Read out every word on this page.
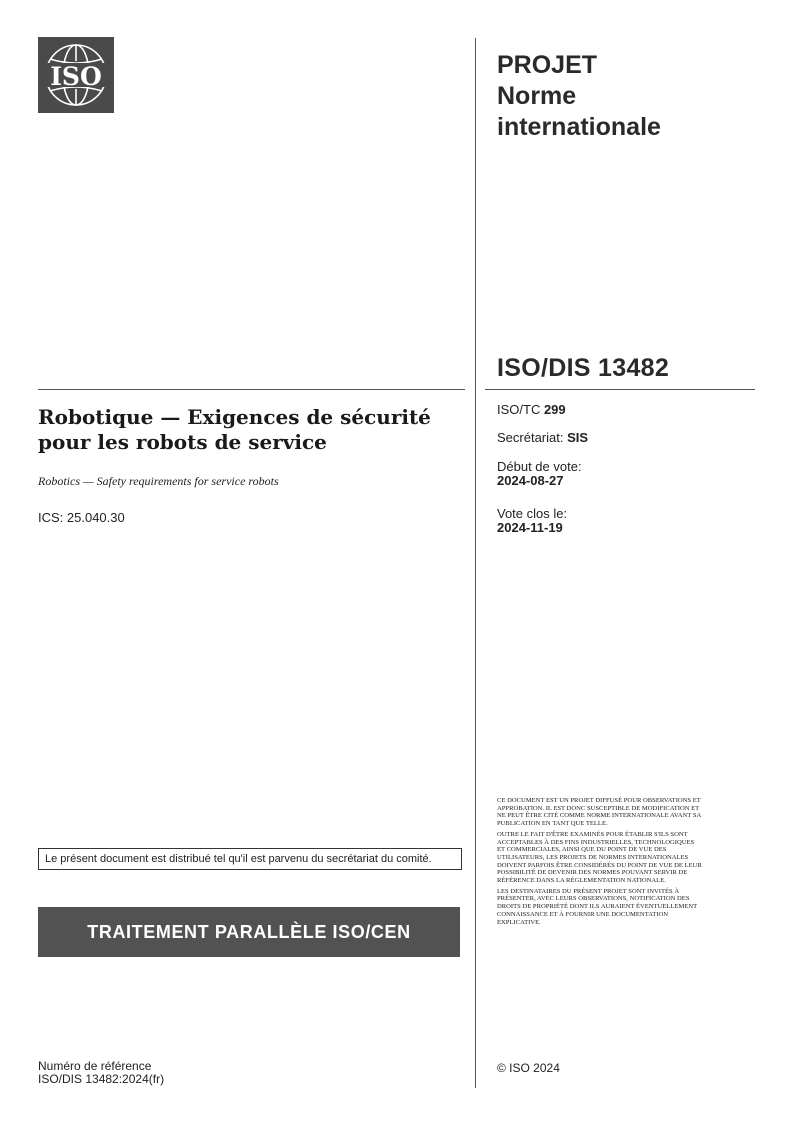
ISO	PROJET
Norme
internationale
ISO/DIS 13482
Robotique — Exigences de sécurité
pour les robots de service
Robotics — Safety requirements for service robots
ICS: 25.040.30
ISO/TC 299
Secrétariat: SIS
Début de vote:
2024-08-27
Vote clos le:
2024-11-19
Le présent document est distribué tel qu'il est parvenu du secrétariat du comité.
TRAITEMENT PARALLÈLE ISO/CEN
Numéro de référence
ISO/DIS 13482:2024(fr)

CE DOCUMENT EST UN PROJET DIFFUSÉ POUR OBSERVATIONS ET APPROBATION. IL EST DONC SUSCEPTIBLE DE MODIFICATION ET NE PEUT ÊTRE CITÉ COMME NORME INTERNATIONALE AVANT SA PUBLICATION EN TANT QUE TELLE.

OUTRE LE FAIT D'ÊTRE EXAMINÉS POUR ÉTABLIR S'ILS SONT ACCEPTABLES À DES FINS INDUSTRIELLES, TECHNOLOGIQUES ET COMMERCIALES, AINSI QUE DU POINT DE VUE DES UTILISATEURS, LES PROJETS DE NORMES INTERNATIONALES DOIVENT PARFOIS ÊTRE CONSIDÉRÉS DU POINT DE VUE DE LEUR POSSIBILITÉ DE DEVENIR DES NORMES POUVANT SERVIR DE RÉFÉRENCE DANS LA RÉGLEMENTATION NATIONALE.

LES DESTINATAIRES DU PRÉSENT PROJET SONT INVITÉS À PRÉSENTER, AVEC LEURS OBSERVATIONS, NOTIFICATION DES DROITS DE PROPRIÉTÉ DONT ILS AURAIENT ÉVENTUELLEMENT CONNAISSANCE ET À FOURNIR UNE DOCUMENTATION EXPLICATIVE.

© ISO 2024
